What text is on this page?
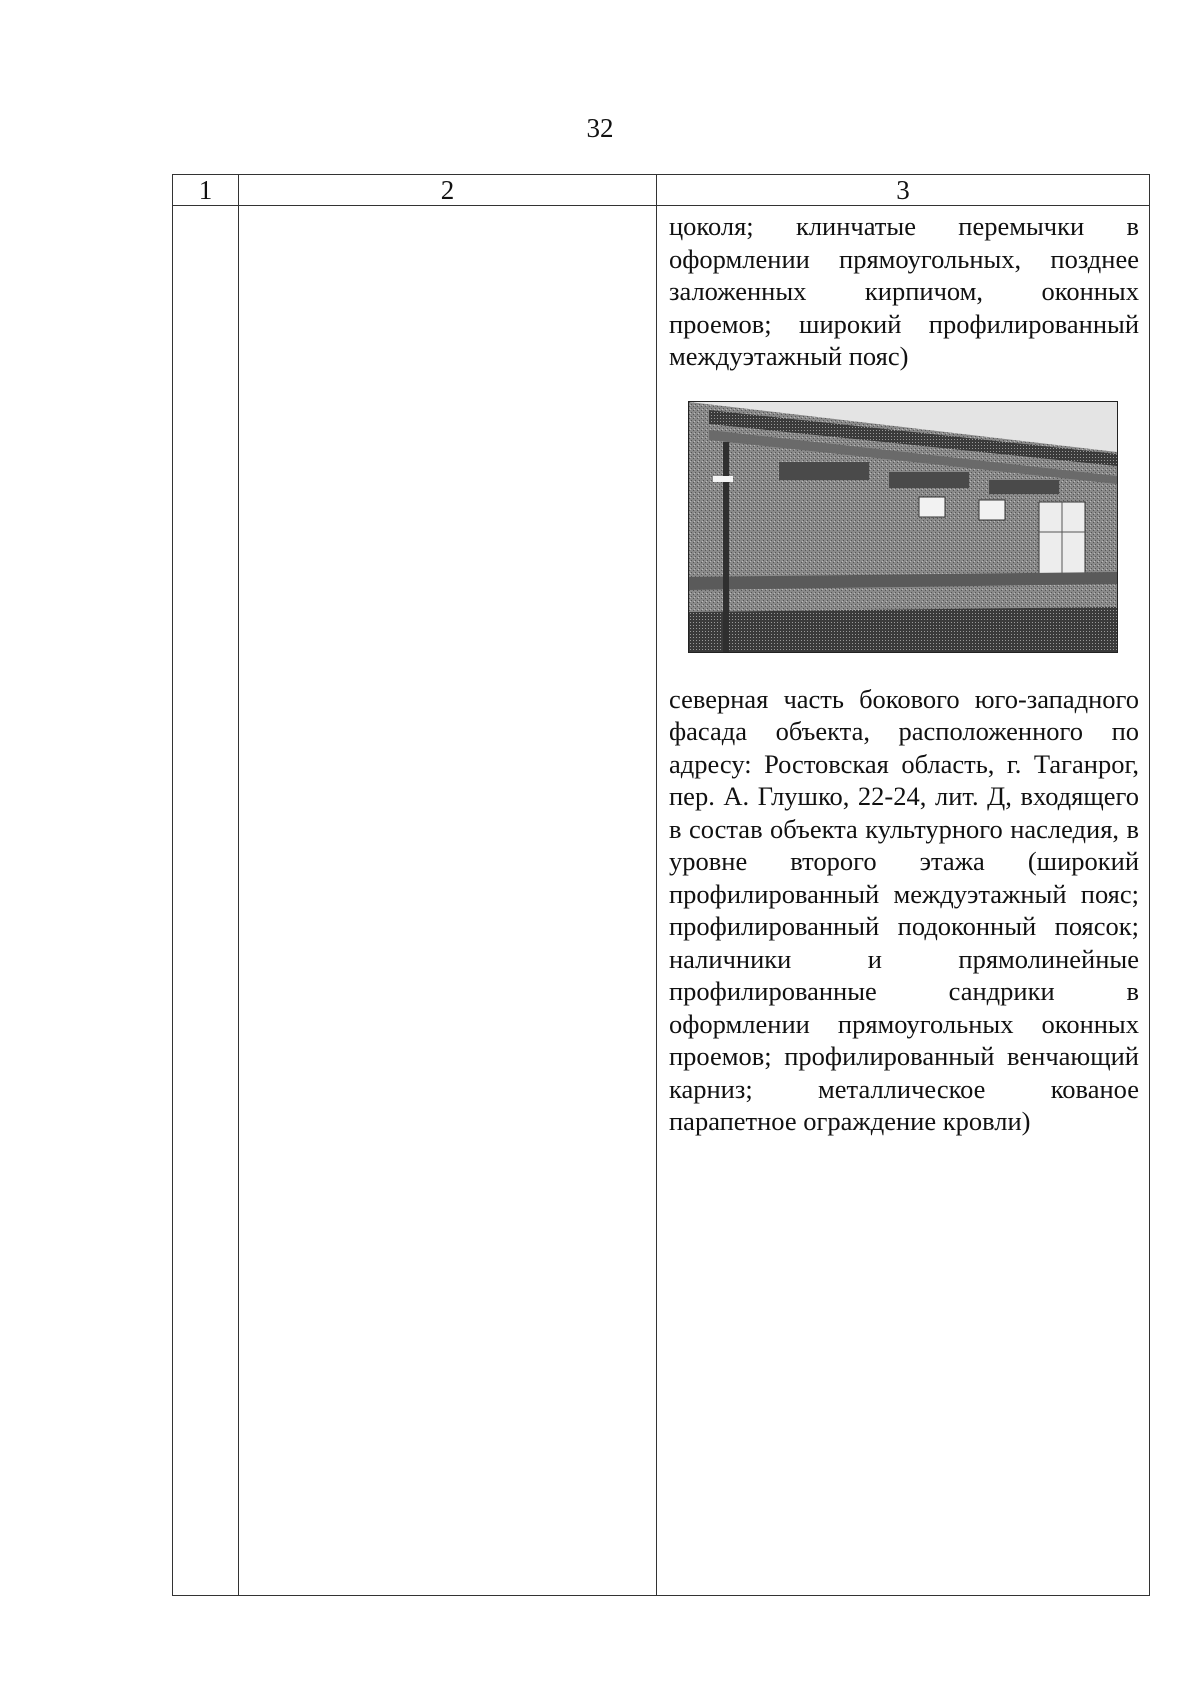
32
1	2	3

		цоколя; клинчатые перемычки в оформлении прямоугольных, позднее заложенных кирпичом, оконных проемов; широкий профилированный междуэтажный пояс)
северная часть бокового юго-западного фасада объекта, расположенного по адресу: Ростовская область, г. Таганрог, пер. А. Глушко, 22-24, лит. Д, входящего в состав объекта культурного наследия, в уровне второго этажа (широкий профилированный междуэтажный пояс; профилированный подоконный поясок; наличники и прямолинейные профилированные сандрики в оформлении прямоугольных оконных проемов; профилированный венчающий карниз; металлическое кованое парапетное ограждение кровли)
